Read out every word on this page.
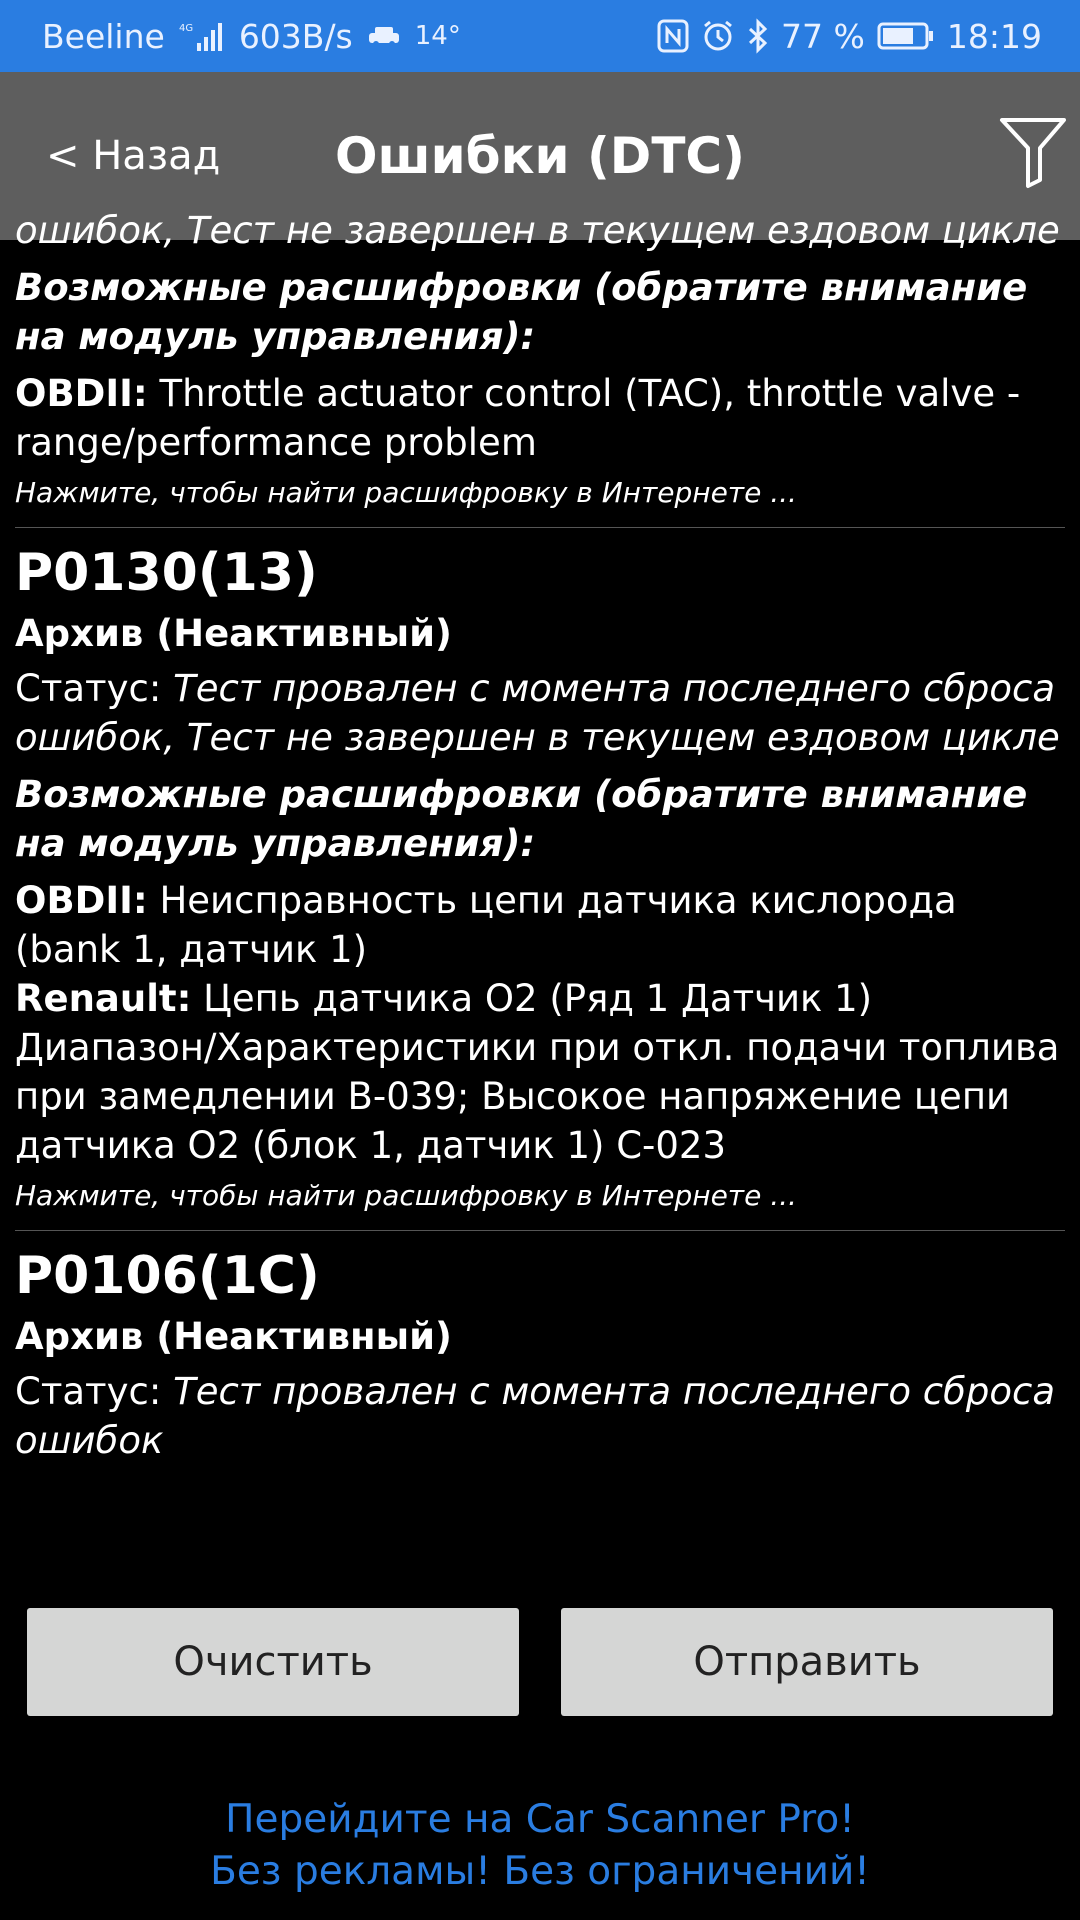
Beeline 4G 603B/s 14°	77 % 18:19
< Назад	Ошибки (DTC)
ошибок, Тест не завершен в текущем ездовом цикле
Возможные расшифровки (обратите внимание на модуль управления):
OBDII: Throttle actuator control (TAC), throttle valve - range/performance problem
Нажмите, чтобы найти расшифровку в Интернете ...
P0130(13)
Архив (Неактивный)
Статус: Тест провален с момента последнего сброса ошибок, Тест не завершен в текущем ездовом цикле
Возможные расшифровки (обратите внимание на модуль управления):
OBDII: Неисправность цепи датчика кислорода (bank 1, датчик 1)
Renault: Цепь датчика O2 (Ряд 1 Датчик 1) Диапазон/Характеристики при откл. подачи топлива при замедлении В-039; Высокое напряжение цепи датчика O2 (блок 1, датчик 1) С-023
Нажмите, чтобы найти расшифровку в Интернете ...
P0106(1C)
Архив (Неактивный)
Статус: Тест провален с момента последнего сброса ошибок
Очистить	Отправить
Перейдите на Car Scanner Pro!
Без рекламы! Без ограничений!
